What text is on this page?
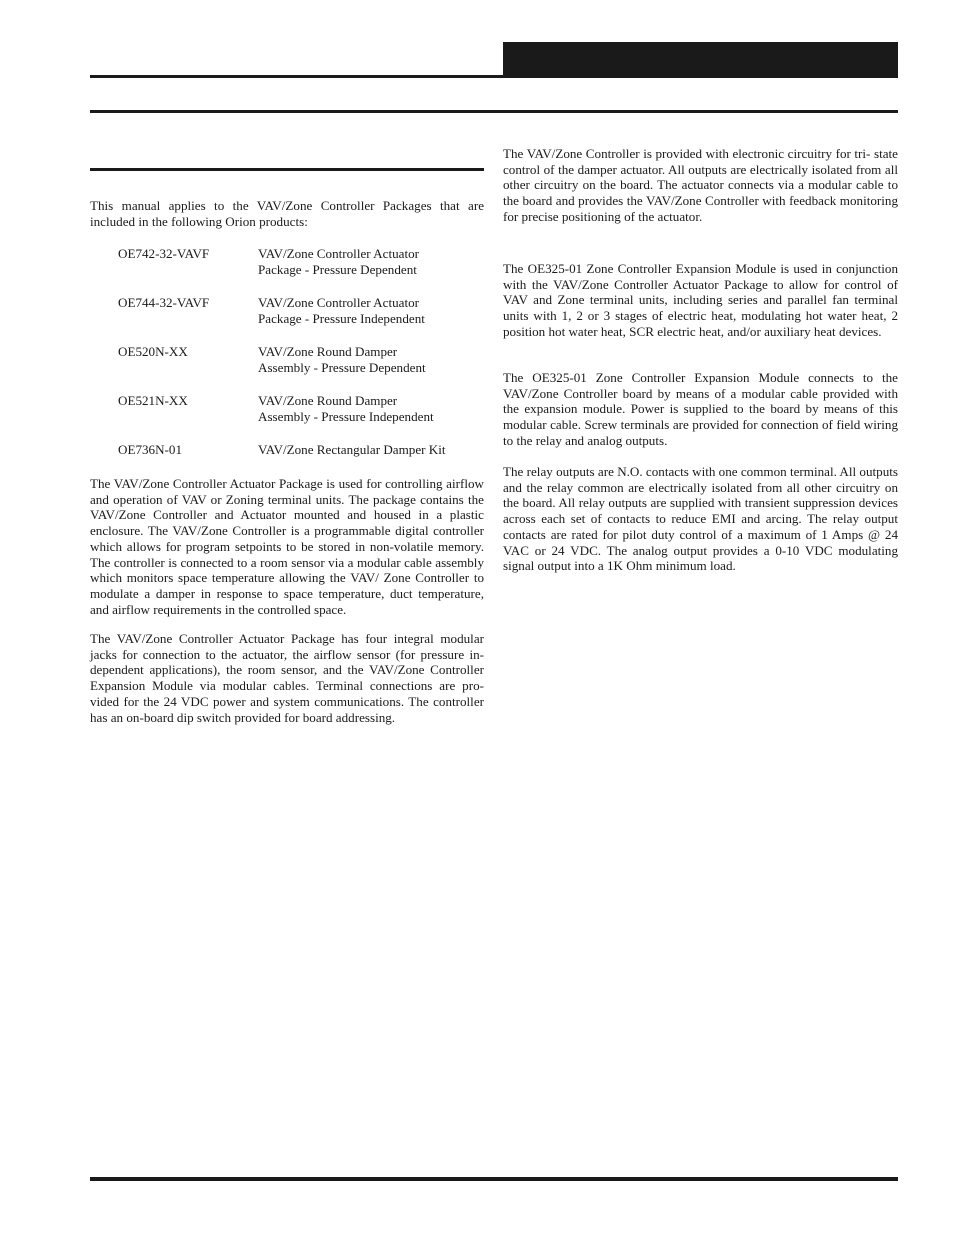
This manual applies to the VAV/Zone Controller Packages that are included in the following Orion products:

OE742-32-VAVF	VAV/Zone Controller Actuator
Package - Pressure Dependent
OE744-32-VAVF	VAV/Zone Controller Actuator
Package - Pressure Independent
OE520N-XX	VAV/Zone Round Damper
Assembly - Pressure Dependent
OE521N-XX	VAV/Zone Round Damper
Assembly - Pressure Independent
OE736N-01	VAV/Zone Rectangular Damper Kit

The VAV/Zone Controller Actuator Package is used for controlling airflow and operation of VAV or Zoning terminal units. The package contains the VAV/Zone Controller and Actuator mounted and housed in a plastic enclosure. The VAV/Zone Controller is a programmable digital controller which allows for program setpoints to be stored in non-volatile memory. The controller is connected to a room sensor via a modular cable assembly which monitors space temperature allowing the VAV/ Zone Controller to modulate a damper in response to space temperature, duct temperature, and airflow requirements in the controlled space.

The VAV/Zone Controller Actuator Package has four integral modular jacks for connection to the actuator, the airflow sensor (for pressure in- dependent applications), the room sensor, and the VAV/Zone Controller Expansion Module via modular cables. Terminal connections are pro- vided for the 24 VDC power and system communications. The controller has an on-board dip switch provided for board addressing.

The VAV/Zone Controller is provided with electronic circuitry for tri- state control of the damper actuator. All outputs are electrically isolated from all other circuitry on the board. The actuator connects via a modular cable to the board and provides the VAV/Zone Controller with feedback monitoring for precise positioning of the actuator.

The OE325-01 Zone Controller Expansion Module is used in conjunction with the VAV/Zone Controller Actuator Package to allow for control of VAV and Zone terminal units, including series and parallel fan terminal units with 1, 2 or 3 stages of electric heat, modulating hot water heat, 2 position hot water heat, SCR electric heat, and/or auxiliary heat devices.

The OE325-01 Zone Controller Expansion Module connects to the VAV/Zone Controller board by means of a modular cable provided with the expansion module. Power is supplied to the board by means of this modular cable. Screw terminals are provided for connection of field wiring to the relay and analog outputs.

The relay outputs are N.O. contacts with one common terminal. All outputs and the relay common are electrically isolated from all other circuitry on the board. All relay outputs are supplied with transient suppression devices across each set of contacts to reduce EMI and arcing. The relay output contacts are rated for pilot duty control of a maximum of 1 Amps @ 24 VAC or 24 VDC. The analog output provides a 0-10 VDC modulating signal output into a 1K Ohm minimum load.
